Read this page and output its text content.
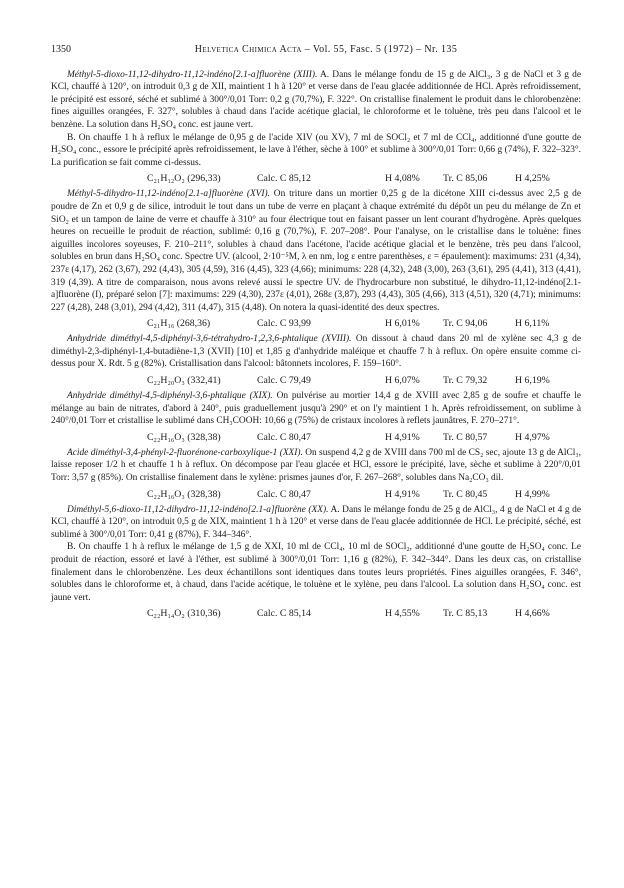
1350	Helvetica Chimica Acta – Vol. 55, Fasc. 5 (1972) – Nr. 135

Méthyl-5-dioxo-11,12-dihydro-11,12-indéno[2.1-a]fluorène (XIII). A. Dans le mélange fondu de 15 g de AlCl₃, 3 g de NaCl et 3 g de KCl, chauffé à 120°, on introduit 0,3 g de XII, maintient 1 h à 120° et verse dans de l'eau glacée additionnée de HCl. Après refroidissement, le précipité est essoré, séché et sublimé à 300°/0,01 Torr: 0,2 g (70,7%), F. 322°. On cristallise finalement le produit dans le chlorobenzène: fines aiguilles orangées, F. 327°, solubles à chaud dans l'acide acétique glacial, le chloroforme et le toluène, très peu dans l'alcool et le benzène. La solution dans H₂SO₄ conc. est jaune vert.

B. On chauffe 1 h à reflux le mélange de 0,95 g de l'acide XIV (ou XV), 7 ml de SOCl₂ et 7 ml de CCl₄, additionné d'une goutte de H₂SO₄ conc., essore le précipité après refroidissement, le lave à l'éther, sèche à 100° et sublime à 300°/0,01 Torr: 0,66 g (74%), F. 322–323°. La purification se fait comme ci-dessus.

C₂₁H₁₂O₂ (296,33)	Calc. C 85,12	H 4,08% Tr. C 85,06	H 4,25%

Méthyl-5-dihydro-11,12-indéno[2.1-a]fluorène (XVI). On triture dans un mortier 0,25 g de la dicétone XIII ci-dessus avec 2,5 g de poudre de Zn et 0,9 g de silice, introduit le tout dans un tube de verre en plaçant à chaque extrémité du dépôt un peu du mélange de Zn et SiO₂ et un tampon de laine de verre et chauffe à 310° au four électrique tout en faisant passer un lent courant d'hydrogène. Après quelques heures on recueille le produit de réaction, sublimé: 0,16 g (70,7%), F. 207–208°. Pour l'analyse, on le cristallise dans le toluène: fines aiguilles incolores soyeuses, F. 210–211°, solubles à chaud dans l'acétone, l'acide acétique glacial et le benzène, très peu dans l'alcool, solubles en brun dans H₂SO₄ conc. Spectre UV. (alcool, 2·10⁻⁵M, λ en nm, log ε entre parenthèses, ε = épaulement): maximums: 231 (4,34), 237ε (4,17), 262 (3,67), 292 (4,43), 305 (4,59), 316 (4,45), 323 (4,66); minimums: 228 (4,32), 248 (3,00), 263 (3,61), 295 (4,41), 313 (4,41), 319 (4,39). A titre de comparaison, nous avons relevé aussi le spectre UV. de l'hydrocarbure non substitué, le dihydro-11,12-indéno[2.1-a]fluorène (I), préparé selon [7]: maximums: 229 (4,30), 237ε (4,01), 268ε (3,87), 293 (4,43), 305 (4,66), 313 (4,51), 320 (4,71); minimums: 227 (4,28), 248 (3,01), 294 (4,42), 311 (4,47), 315 (4,48). On notera la quasi-identité des deux spectres.

C₂₁H₁₆ (268,36)	Calc. C 93,99	H 6,01% Tr. C 94,06	H 6,11%

Anhydride diméthyl-4,5-diphényl-3,6-tétrahydro-1,2,3,6-phtalique (XVIII). On dissout à chaud dans 20 ml de xylène sec 4,3 g de diméthyl-2,3-diphényl-1,4-butadiène-1,3 (XVII) [10] et 1,85 g d'anhydride maléique et chauffe 7 h à reflux. On opère ensuite comme ci-dessus pour X. Rdt. 5 g (82%). Cristallisation dans l'alcool: bâtonnets incolores, F. 159–160°.

C₂₂H₂₀O₃ (332,41)	Calc. C 79,49	H 6,07% Tr. C 79,32	H 6,19%

Anhydride diméthyl-4,5-diphényl-3,6-phtalique (XIX). On pulvérise au mortier 14,4 g de XVIII avec 2,85 g de soufre et chauffe le mélange au bain de nitrates, d'abord à 240°, puis graduellement jusqu'à 290° et on l'y maintient 1 h. Après refroidissement, on sublime à 240°/0,01 Torr et cristallise le sublimé dans CH₃COOH: 10,66 g (75%) de cristaux incolores à reflets jaunâtres, F. 270–271°.

C₂₂H₁₆O₃ (328,38)	Calc. C 80,47	H 4,91% Tr. C 80,57	H 4,97%

Acide diméthyl-3,4-phényl-2-fluorénone-carboxylique-1 (XXI). On suspend 4,2 g de XVIII dans 700 ml de CS₂ sec, ajoute 13 g de AlCl₃, laisse reposer 1/2 h et chauffe 1 h à reflux. On décompose par l'eau glacée et HCl, essore le précipité, lave, sèche et sublime à 220°/0,01 Torr: 3,57 g (85%). On cristallise finalement dans le xylène: prismes jaunes d'or, F. 267–268°, solubles dans Na₂CO₃ dil.

C₂₂H₁₆O₃ (328,38)	Calc. C 80,47	H 4,91% Tr. C 80,45	H 4,99%

Diméthyl-5,6-dioxo-11,12-dihydro-11,12-indéno[2.1-a]fluorène (XX). A. Dans le mélange fondu de 25 g de AlCl₃, 4 g de NaCl et 4 g de KCl, chauffé à 120°, on introduit 0,5 g de XIX, maintient 1 h à 120° et verse dans de l'eau glacée additionnée de HCl. Le précipité, séché, est sublimé à 300°/0,01 Torr: 0,41 g (87%), F. 344–346°.

B. On chauffe 1 h à reflux le mélange de 1,5 g de XXI, 10 ml de CCl₄, 10 ml de SOCl₂, additionné d'une goutte de H₂SO₄ conc. Le produit de réaction, essoré et lavé à l'éther, est sublimé à 300°/0,01 Torr: 1,16 g (82%), F. 342–344°. Dans les deux cas, on cristallise finalement dans le chlorobenzène. Les deux échantillons sont identiques dans toutes leurs propriétés. Fines aiguilles orangées, F. 346°, solubles dans le chloroforme et, à chaud, dans l'acide acétique, le toluène et le xylène, peu dans l'alcool. La solution dans H₂SO₄ conc. est jaune vert.

C₂₂H₁₄O₂ (310,36)	Calc. C 85,14	H 4,55% Tr. C 85,13	H 4,66%
